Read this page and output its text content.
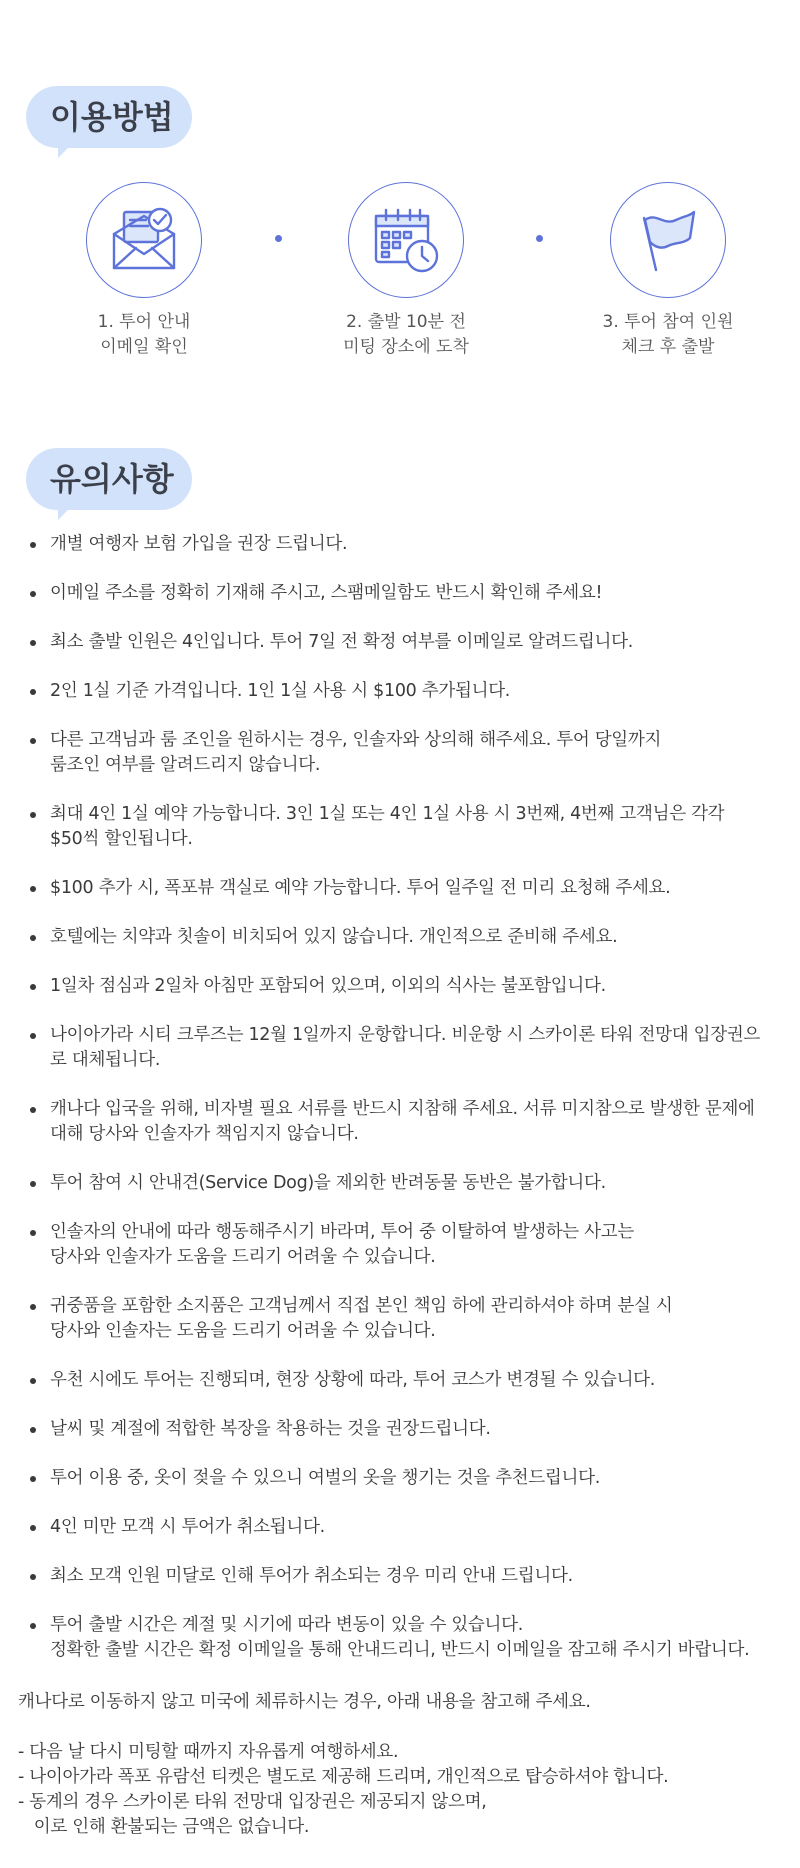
이용방법
1. 투어 안내
이메일 확인
2. 출발 10분 전
미팅 장소에 도착
3. 투어 참여 인원
체크 후 출발
유의사항
개별 여행자 보험 가입을 권장 드립니다.
이메일 주소를 정확히 기재해 주시고, 스팸메일함도 반드시 확인해 주세요!
최소 출발 인원은 4인입니다. 투어 7일 전 확정 여부를 이메일로 알려드립니다.
2인 1실 기준 가격입니다. 1인 1실 사용 시 $100 추가됩니다.
다른 고객님과 룸 조인을 원하시는 경우, 인솔자와 상의해 해주세요. 투어 당일까지
룸조인 여부를 알려드리지 않습니다.
최대 4인 1실 예약 가능합니다. 3인 1실 또는 4인 1실 사용 시 3번째, 4번째 고객님은 각각
$50씩 할인됩니다.
$100 추가 시, 폭포뷰 객실로 예약 가능합니다. 투어 일주일 전 미리 요청해 주세요.
호텔에는 치약과 칫솔이 비치되어 있지 않습니다. 개인적으로 준비해 주세요.
1일차 점심과 2일차 아침만 포함되어 있으며, 이외의 식사는 불포함입니다.
나이아가라 시티 크루즈는 12월 1일까지 운항합니다. 비운항 시 스카이론 타워 전망대 입장권으
로 대체됩니다.
캐나다 입국을 위해, 비자별 필요 서류를 반드시 지참해 주세요. 서류 미지참으로 발생한 문제에
대해 당사와 인솔자가 책임지지 않습니다.
투어 참여 시 안내견(Service Dog)을 제외한 반려동물 동반은 불가합니다.
인솔자의 안내에 따라 행동해주시기 바라며, 투어 중 이탈하여 발생하는 사고는
당사와 인솔자가 도움을 드리기 어려울 수 있습니다.
귀중품을 포함한 소지품은 고객님께서 직접 본인 책임 하에 관리하셔야 하며 분실 시
당사와 인솔자는 도움을 드리기 어려울 수 있습니다.
우천 시에도 투어는 진행되며, 현장 상황에 따라, 투어 코스가 변경될 수 있습니다.
날씨 및 계절에 적합한 복장을 착용하는 것을 권장드립니다.
투어 이용 중, 옷이 젖을 수 있으니 여벌의 옷을 챙기는 것을 추천드립니다.
4인 미만 모객 시 투어가 취소됩니다.
최소 모객 인원 미달로 인해 투어가 취소되는 경우 미리 안내 드립니다.
투어 출발 시간은 계절 및 시기에 따라 변동이 있을 수 있습니다.
정확한 출발 시간은 확정 이메일을 통해 안내드리니, 반드시 이메일을 잠고해 주시기 바랍니다.
캐나다로 이동하지 않고 미국에 체류하시는 경우, 아래 내용을 참고해 주세요.
- 다음 날 다시 미팅할 때까지 자유롭게 여행하세요.
- 나이아가라 폭포 유람선 티켓은 별도로 제공해 드리며, 개인적으로 탑승하셔야 합니다.
- 동계의 경우 스카이론 타워 전망대 입장권은 제공되지 않으며,
이로 인해 환불되는 금액은 없습니다.
